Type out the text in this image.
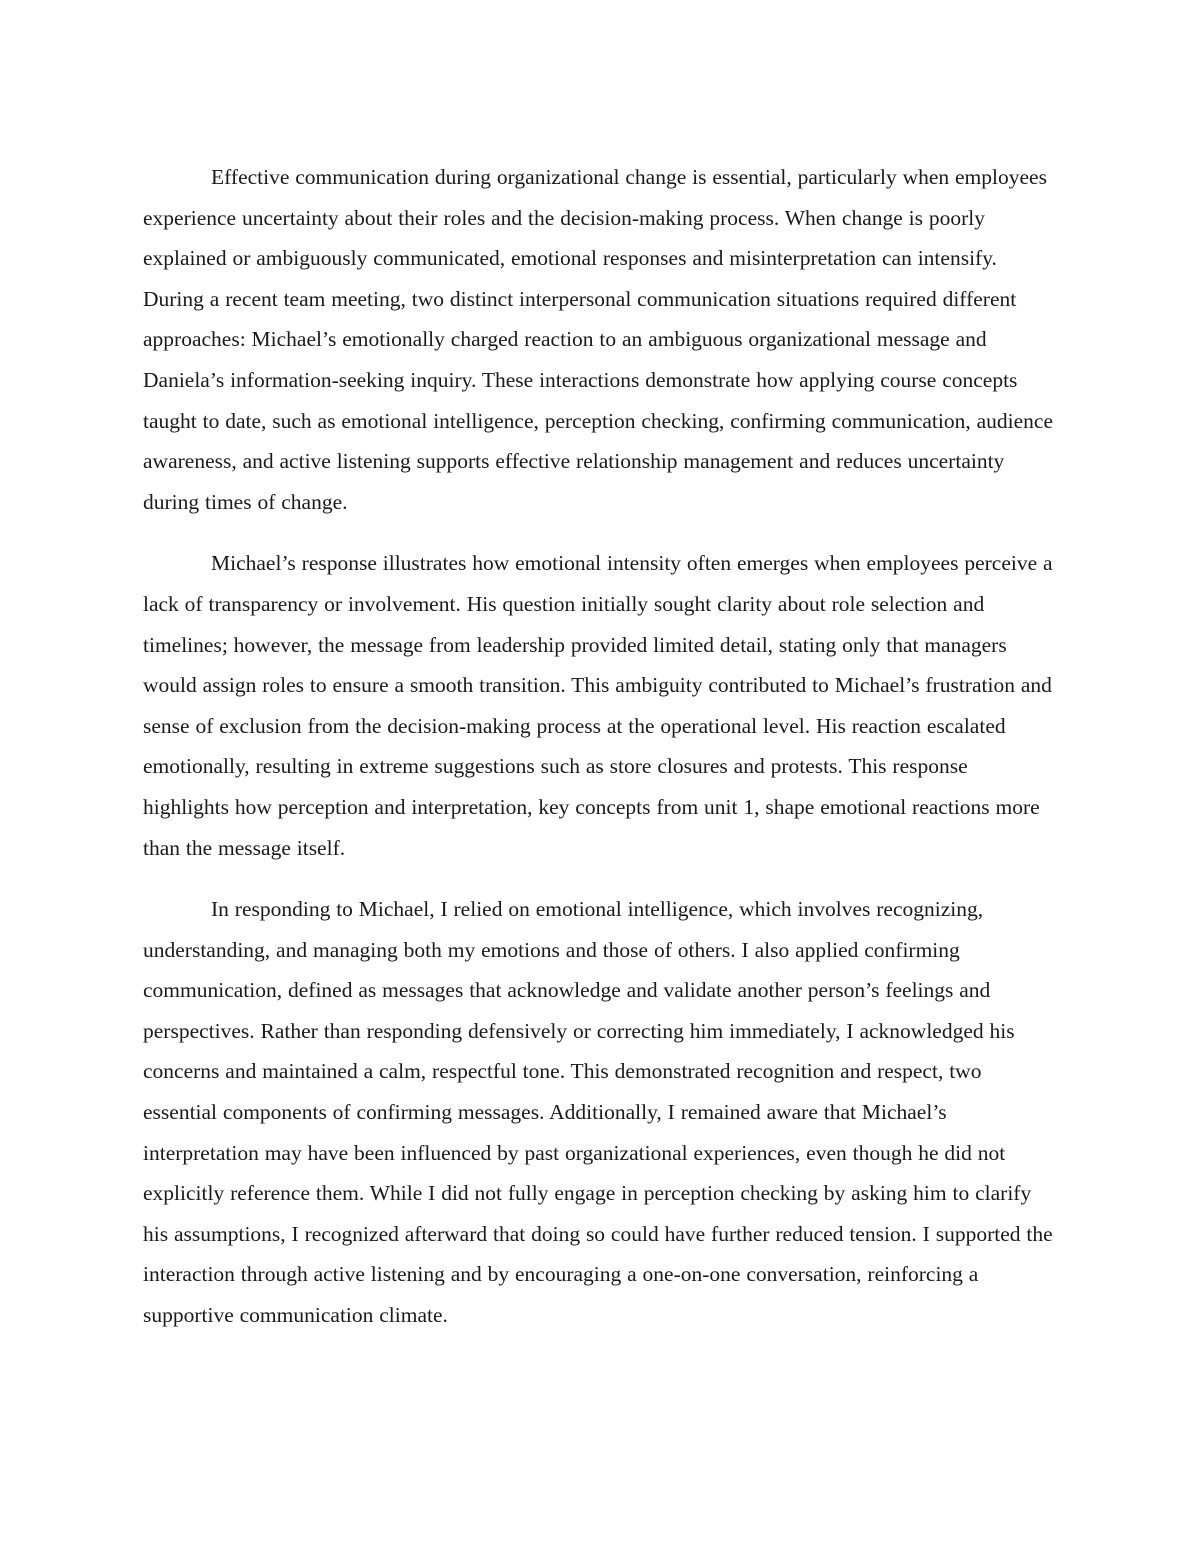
Effective communication during organizational change is essential, particularly when employees experience uncertainty about their roles and the decision-making process. When change is poorly explained or ambiguously communicated, emotional responses and misinterpretation can intensify. During a recent team meeting, two distinct interpersonal communication situations required different approaches: Michael’s emotionally charged reaction to an ambiguous organizational message and Daniela’s information-seeking inquiry. These interactions demonstrate how applying course concepts taught to date, such as emotional intelligence, perception checking, confirming communication, audience awareness, and active listening supports effective relationship management and reduces uncertainty during times of change.

Michael’s response illustrates how emotional intensity often emerges when employees perceive a lack of transparency or involvement. His question initially sought clarity about role selection and timelines; however, the message from leadership provided limited detail, stating only that managers would assign roles to ensure a smooth transition. This ambiguity contributed to Michael’s frustration and sense of exclusion from the decision-making process at the operational level. His reaction escalated emotionally, resulting in extreme suggestions such as store closures and protests. This response highlights how perception and interpretation, key concepts from unit 1, shape emotional reactions more than the message itself.

In responding to Michael, I relied on emotional intelligence, which involves recognizing, understanding, and managing both my emotions and those of others. I also applied confirming communication, defined as messages that acknowledge and validate another person’s feelings and perspectives. Rather than responding defensively or correcting him immediately, I acknowledged his concerns and maintained a calm, respectful tone. This demonstrated recognition and respect, two essential components of confirming messages. Additionally, I remained aware that Michael’s interpretation may have been influenced by past organizational experiences, even though he did not explicitly reference them. While I did not fully engage in perception checking by asking him to clarify his assumptions, I recognized afterward that doing so could have further reduced tension. I supported the interaction through active listening and by encouraging a one-on-one conversation, reinforcing a supportive communication climate.
